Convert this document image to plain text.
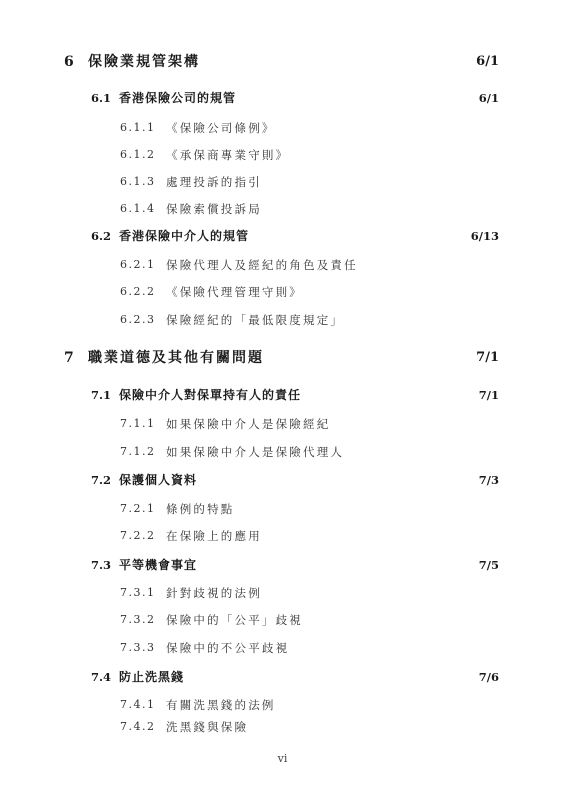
6 保險業規管架構	6/1
6.1 香港保險公司的規管	6/1
6.1.1 《保險公司條例》
6.1.2 《承保商專業守則》
6.1.3 處理投訴的指引
6.1.4 保險索償投訴局
6.2 香港保險中介人的規管	6/13
6.2.1 保險代理人及經紀的角色及責任
6.2.2 《保險代理管理守則》
6.2.3 保險經紀的「最低限度規定」
7 職業道德及其他有關問題	7/1
7.1 保險中介人對保單持有人的責任	7/1
7.1.1 如果保險中介人是保險經紀
7.1.2 如果保險中介人是保險代理人
7.2 保護個人資料	7/3
7.2.1 條例的特點
7.2.2 在保險上的應用
7.3 平等機會事宜	7/5
7.3.1 針對歧視的法例
7.3.2 保險中的「公平」歧視
7.3.3 保險中的不公平歧視
7.4 防止洗黑錢	7/6
7.4.1 有關洗黑錢的法例
7.4.2 洗黑錢與保險
vi
